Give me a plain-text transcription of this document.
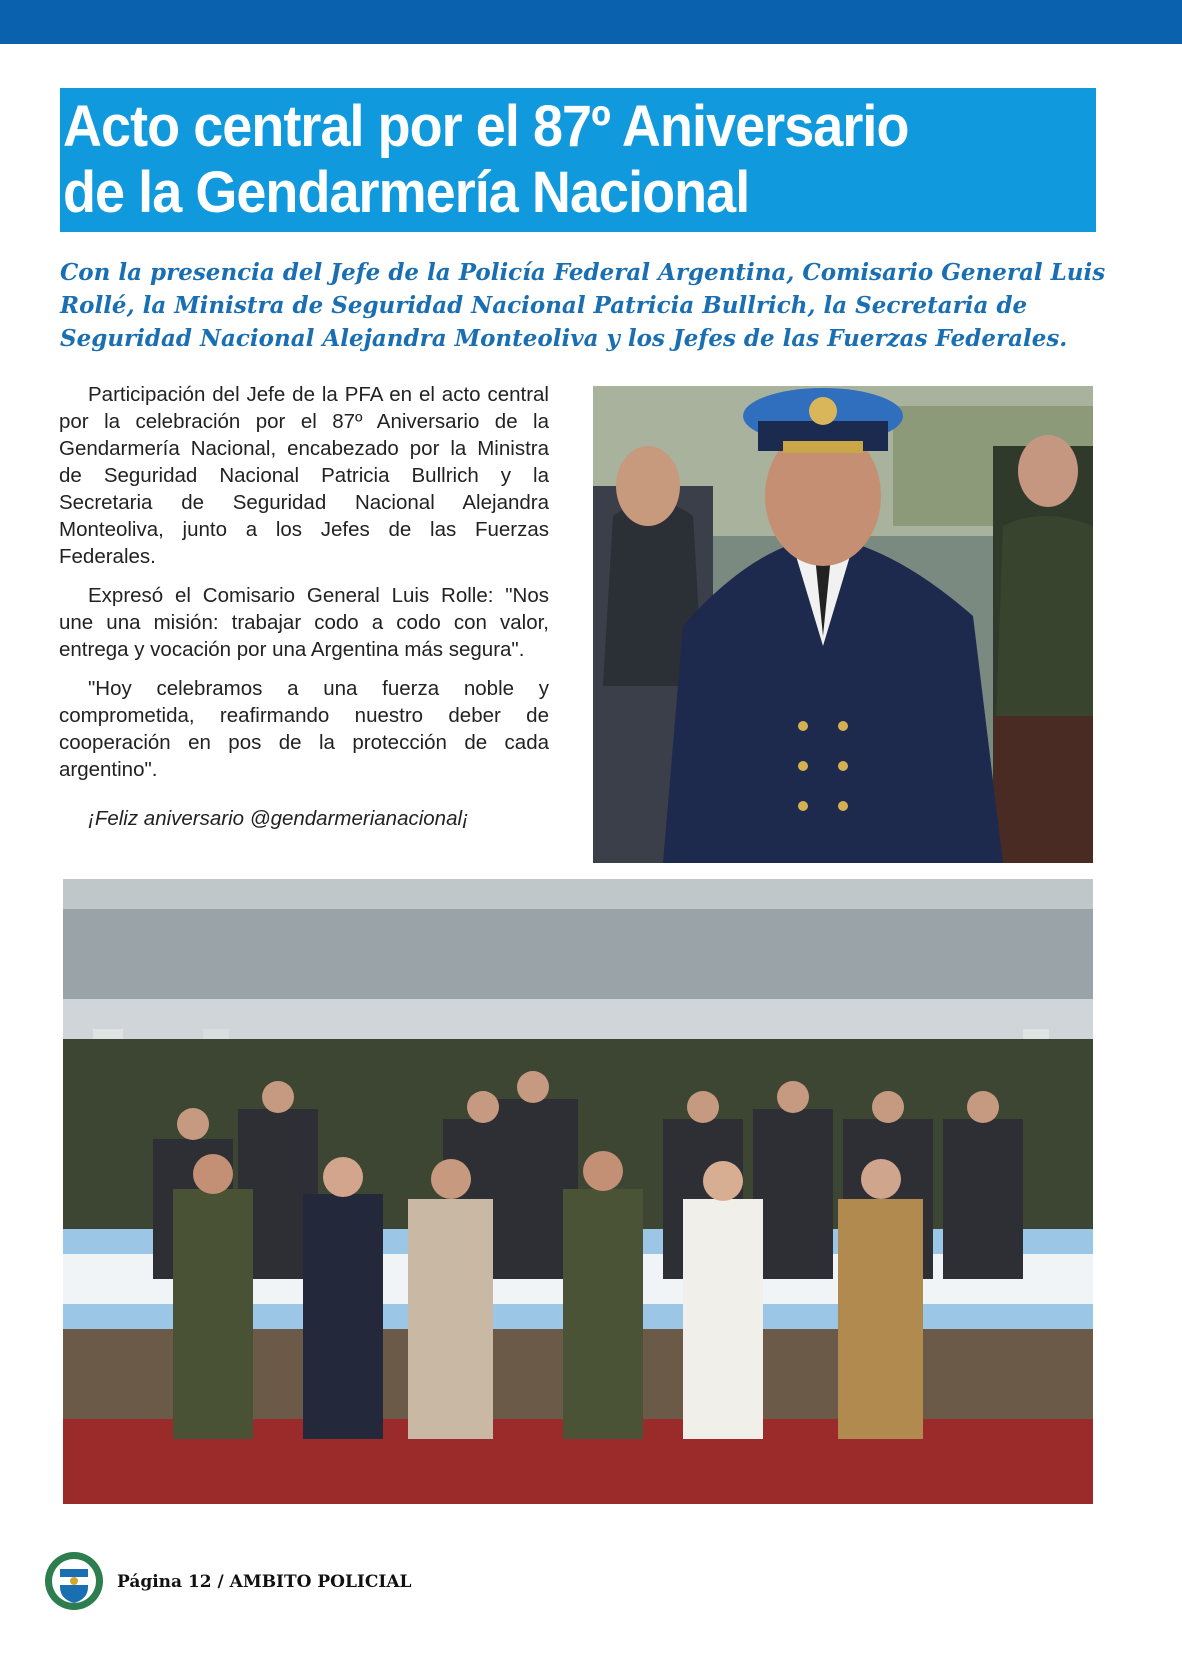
Acto central por el 87º Aniversario
de la Gendarmería Nacional

Con la presencia del Jefe de la Policía Federal Argentina, Comisario General Luis Rollé, la Ministra de Seguridad Nacional Patricia Bullrich, la Secretaria de Seguridad Nacional Alejandra Monteoliva y los Jefes de las Fuerzas Federales.

Participación del Jefe de la PFA en el acto central por la celebración por el 87º Aniversario de la Gendarmería Nacional, encabezado por la Ministra de Seguridad Nacional Patricia Bullrich y la Secretaria de Seguridad Nacional Alejandra Monteoliva, junto a los Jefes de las Fuerzas Federales.

Expresó el Comisario General Luis Rolle: "Nos une una misión: trabajar codo a codo con valor, entrega y vocación por una Argentina más segura".

"Hoy celebramos a una fuerza noble y comprometida, reafirmando nuestro deber de cooperación en pos de la protección de cada argentino".

¡Feliz aniversario @gendarmerianacional¡

Página 12 / AMBITO POLICIAL
